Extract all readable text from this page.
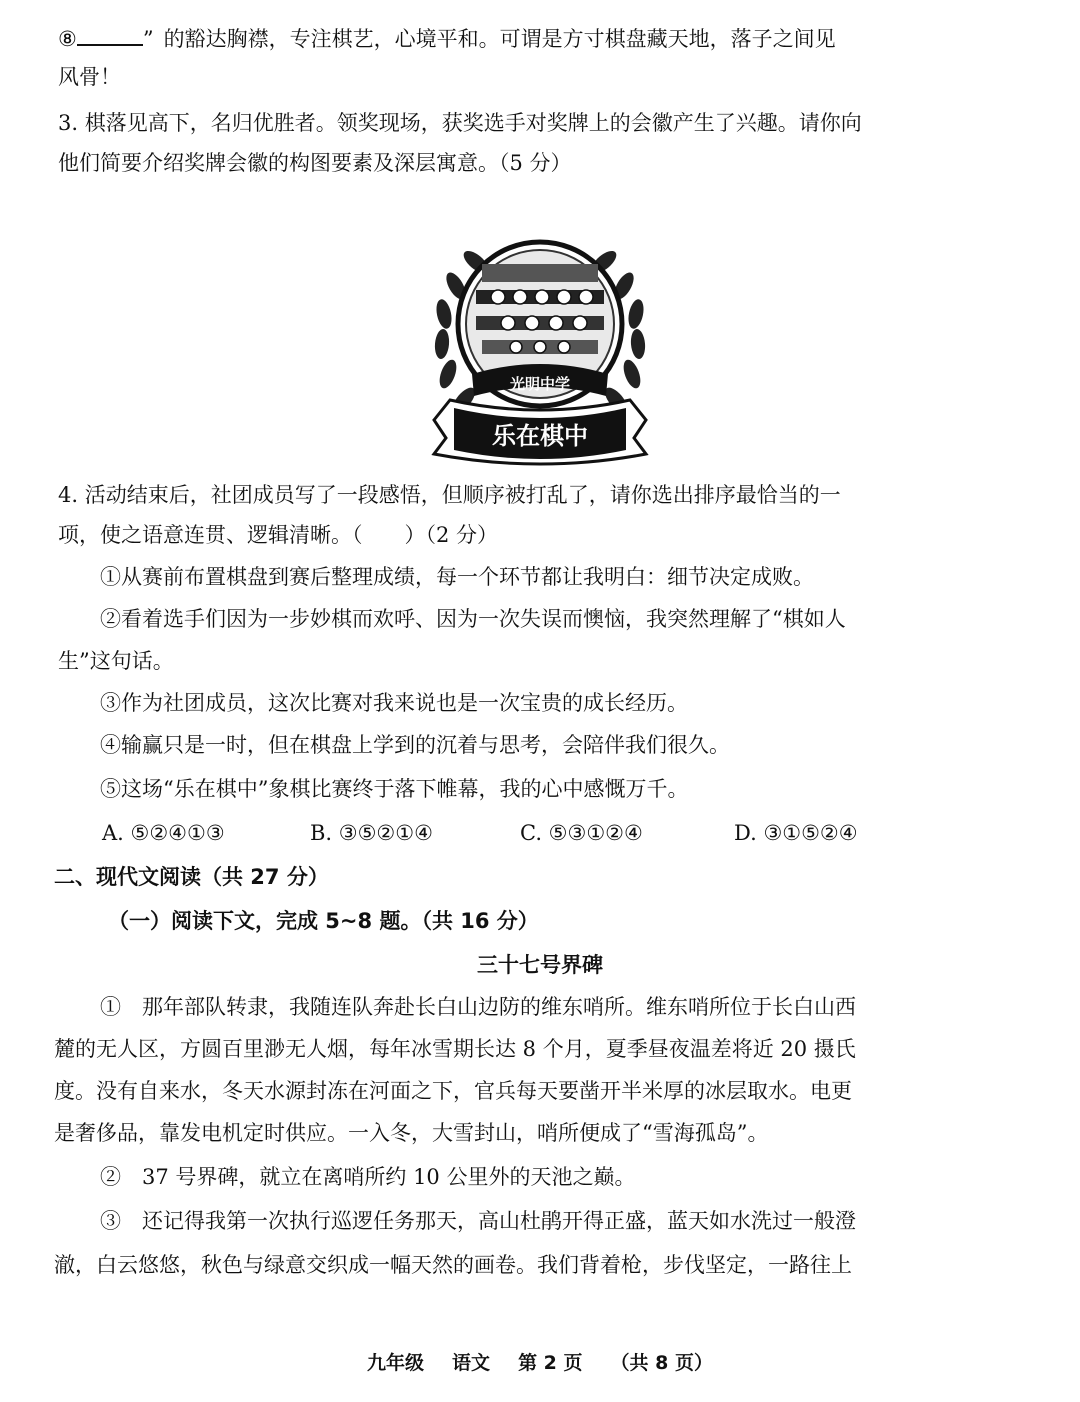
⑧	” 的豁达胸襟，专注棋艺，心境平和。可谓是方寸棋盘藏天地，落子之间见
风骨！
3. 棋落见高下，名归优胜者。领奖现场，获奖选手对奖牌上的会徽产生了兴趣。请你向
他们简要介绍奖牌会徽的构图要素及深层寓意。（5 分）
光明中学
乐在棋中
4. 活动结束后，社团成员写了一段感悟，但顺序被打乱了，请你选出排序最恰当的一
项，使之语意连贯、逻辑清晰。（　　）（2 分）
①从赛前布置棋盘到赛后整理成绩，每一个环节都让我明白：细节决定成败。
②看着选手们因为一步妙棋而欢呼、因为一次失误而懊恼，我突然理解了“棋如人
生”这句话。
③作为社团成员，这次比赛对我来说也是一次宝贵的成长经历。
④输赢只是一时，但在棋盘上学到的沉着与思考，会陪伴我们很久。
⑤这场“乐在棋中”象棋比赛终于落下帷幕，我的心中感慨万千。
A. ⑤②④①③	B. ③⑤②①④	C. ⑤③①②④	D. ③①⑤②④
二、现代文阅读（共 27 分）
（一）阅读下文，完成 5~8 题。（共 16 分）
三十七号界碑
①　那年部队转隶，我随连队奔赴长白山边防的维东哨所。维东哨所位于长白山西
麓的无人区，方圆百里渺无人烟，每年冰雪期长达 8 个月，夏季昼夜温差将近 20 摄氏
度。没有自来水，冬天水源封冻在河面之下，官兵每天要凿开半米厚的冰层取水。电更
是奢侈品，靠发电机定时供应。一入冬，大雪封山，哨所便成了“雪海孤岛”。
②　37 号界碑，就立在离哨所约 10 公里外的天池之巅。
③　还记得我第一次执行巡逻任务那天，高山杜鹃开得正盛，蓝天如水洗过一般澄
澈，白云悠悠，秋色与绿意交织成一幅天然的画卷。我们背着枪，步伐坚定，一路往上
九年级 语文 第 2 页 （共 8 页）
